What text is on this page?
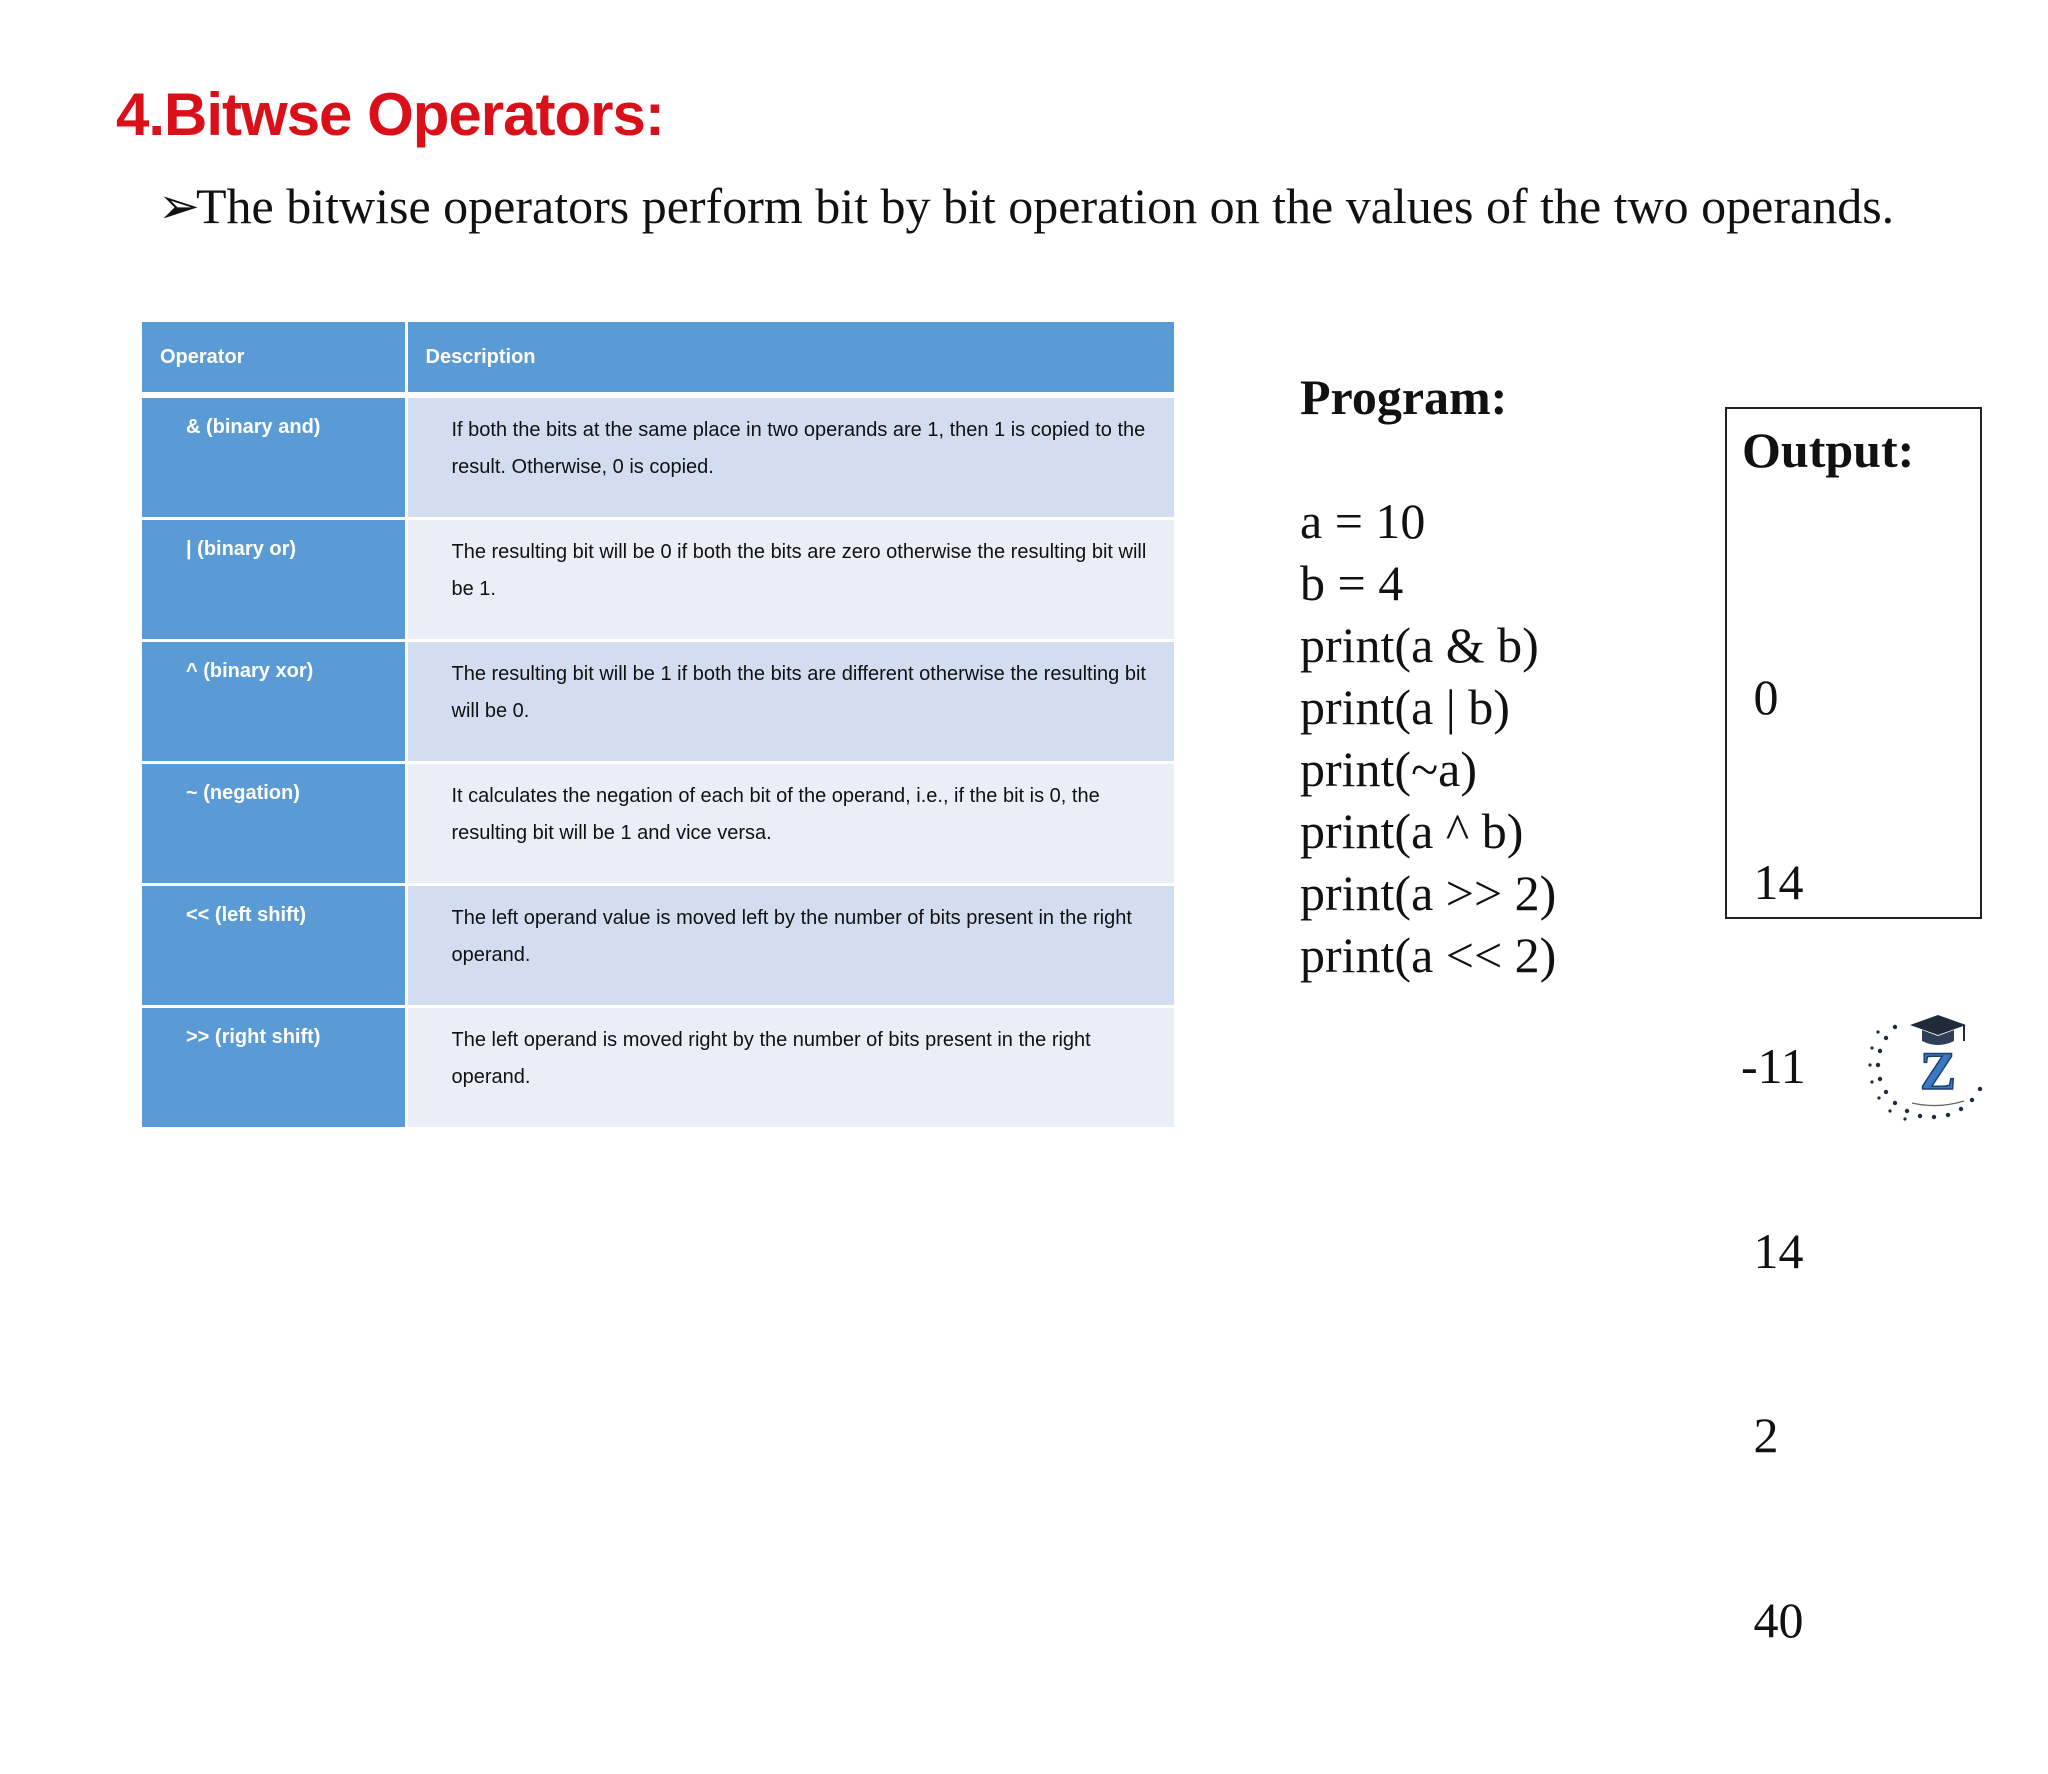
4.Bitwse Operators:
➢
The bitwise operators perform bit by bit operation on the values of the two operands.
Operator	Description
& (binary and)	If both the bits at the same place in two operands are 1, then 1 is copied to the result. Otherwise, 0 is copied.
| (binary or)	The resulting bit will be 0 if both the bits are zero otherwise the resulting bit will be 1.
^ (binary xor)	The resulting bit will be 1 if both the bits are different otherwise the resulting bit will be 0.
~ (negation)	It calculates the negation of each bit of the operand, i.e., if the bit is 0, the resulting bit will be 1 and vice versa.
<< (left shift)	The left operand value is moved left by the number of bits present in the right operand.
>> (right shift)	The left operand is moved right by the number of bits present in the right operand.
Program:
a = 10
b = 4
print(a & b)
print(a | b)
print(~a)
print(a ^ b)
print(a >> 2)
print(a << 2)
Output:

0

14

-11

14

2

40

Z
